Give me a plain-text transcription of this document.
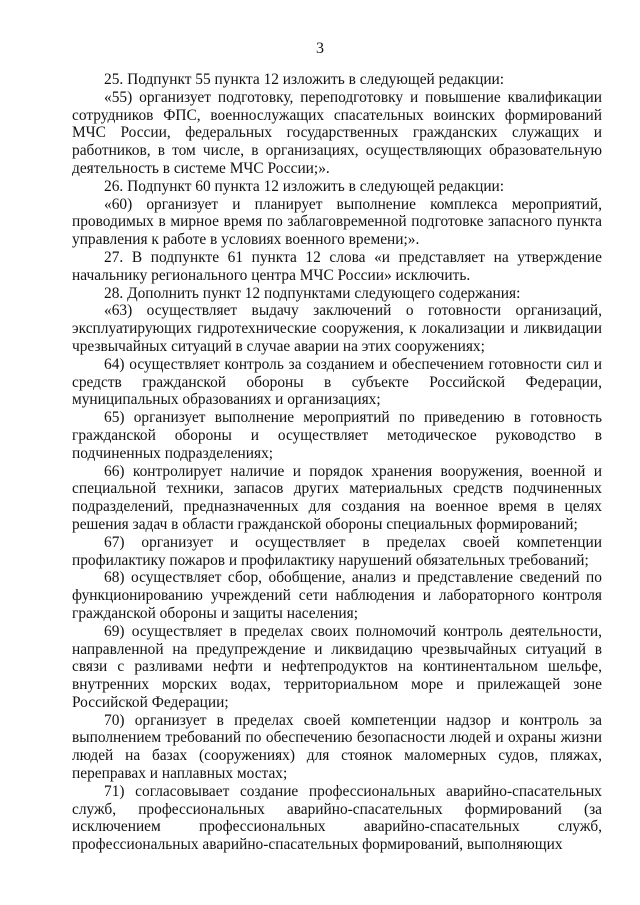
3

25. Подпункт 55 пункта 12 изложить в следующей редакции:

«55) организует подготовку, переподготовку и повышение квалификации сотрудников ФПС, военнослужащих спасательных воинских формирований МЧС России, федеральных государственных гражданских служащих и работников, в том числе, в организациях, осуществляющих образовательную деятельность в системе МЧС России;».

26. Подпункт 60 пункта 12 изложить в следующей редакции:

«60) организует и планирует выполнение комплекса мероприятий, проводимых в мирное время по заблаговременной подготовке запасного пункта управления к работе в условиях военного времени;».

27. В подпункте 61 пункта 12 слова «и представляет на утверждение начальнику регионального центра МЧС России» исключить.

28. Дополнить пункт 12 подпунктами следующего содержания:

«63) осуществляет выдачу заключений о готовности организаций, эксплуатирующих гидротехнические сооружения, к локализации и ликвидации чрезвычайных ситуаций в случае аварии на этих сооружениях;

64) осуществляет контроль за созданием и обеспечением готовности сил и средств гражданской обороны в субъекте Российской Федерации, муниципальных образованиях и организациях;

65) организует выполнение мероприятий по приведению в готовность гражданской обороны и осуществляет методическое руководство в подчиненных подразделениях;

66) контролирует наличие и порядок хранения вооружения, военной и специальной техники, запасов других материальных средств подчиненных подразделений, предназначенных для создания на военное время в целях решения задач в области гражданской обороны специальных формирований;

67) организует и осуществляет в пределах своей компетенции профилактику пожаров и профилактику нарушений обязательных требований;

68) осуществляет сбор, обобщение, анализ и представление сведений по функционированию учреждений сети наблюдения и лабораторного контроля гражданской обороны и защиты населения;

69) осуществляет в пределах своих полномочий контроль деятельности, направленной на предупреждение и ликвидацию чрезвычайных ситуаций в связи с разливами нефти и нефтепродуктов на континентальном шельфе, внутренних морских водах, территориальном море и прилежащей зоне Российской Федерации;

70) организует в пределах своей компетенции надзор и контроль за выполнением требований по обеспечению безопасности людей и охраны жизни людей на базах (сооружениях) для стоянок маломерных судов, пляжах, переправах и наплавных мостах;

71) согласовывает создание профессиональных аварийно-спасательных служб, профессиональных аварийно-спасательных формирований (за исключением профессиональных аварийно-спасательных служб, профессиональных аварийно-спасательных формирований, выполняющих
